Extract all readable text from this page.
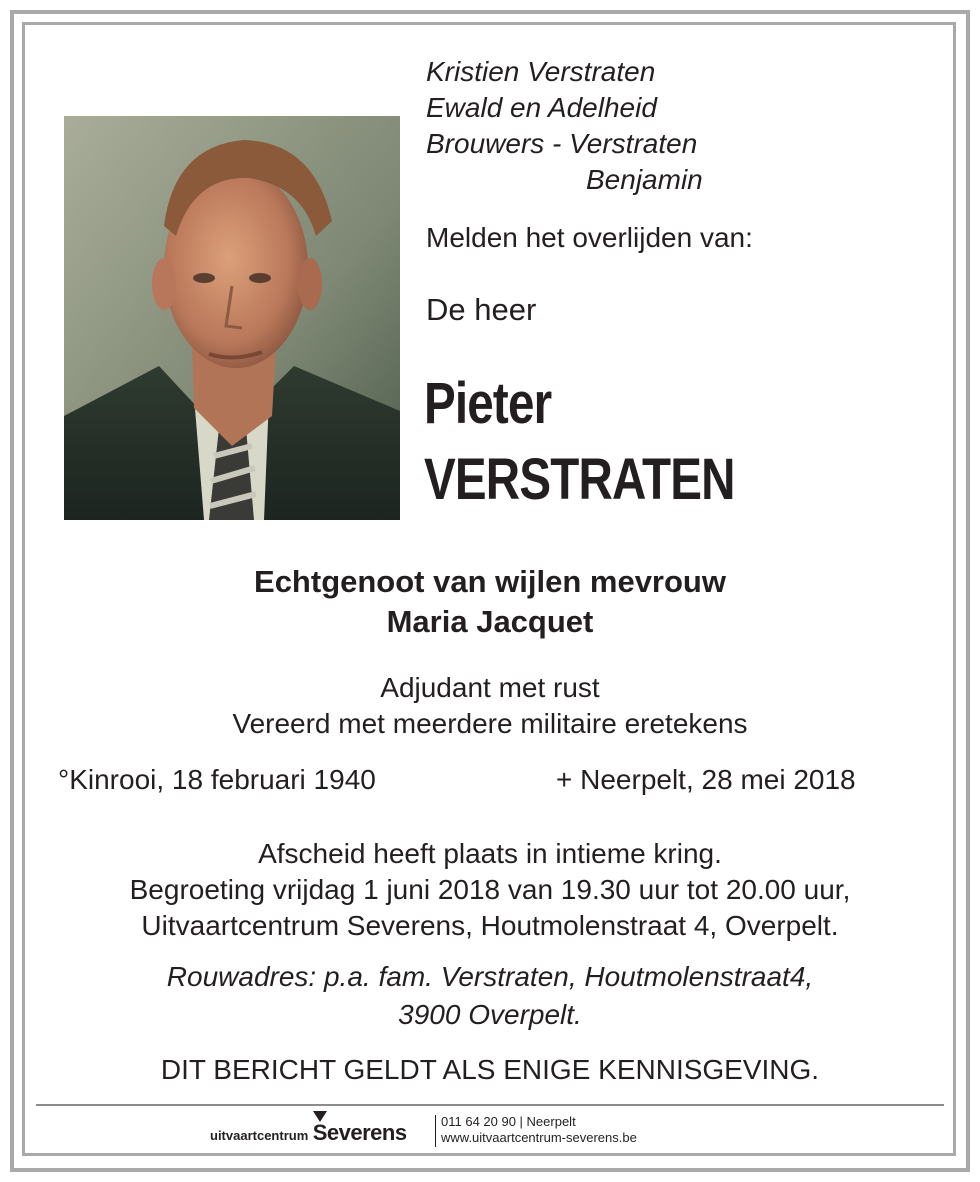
Kristien Verstraten
Ewald en Adelheid
Brouwers - Verstraten
Benjamin
Melden het overlijden van:
De heer
Pieter
VERSTRATEN
Echtgenoot van wijlen mevrouw
Maria Jacquet
Adjudant met rust
Vereerd met meerdere militaire eretekens
°Kinrooi, 18 februari 1940	+ Neerpelt, 28 mei 2018
Afscheid heeft plaats in intieme kring.
Begroeting vrijdag 1 juni 2018 van 19.30 uur tot 20.00 uur,
Uitvaartcentrum Severens, Houtmolenstraat 4, Overpelt.
Rouwadres: p.a. fam. Verstraten, Houtmolenstraat4,
3900 Overpelt.
DIT BERICHT GELDT ALS ENIGE KENNISGEVING.
uitvaartcentrum Severens	011 64 20 90 | Neerpelt
www.uitvaartcentrum-severens.be
